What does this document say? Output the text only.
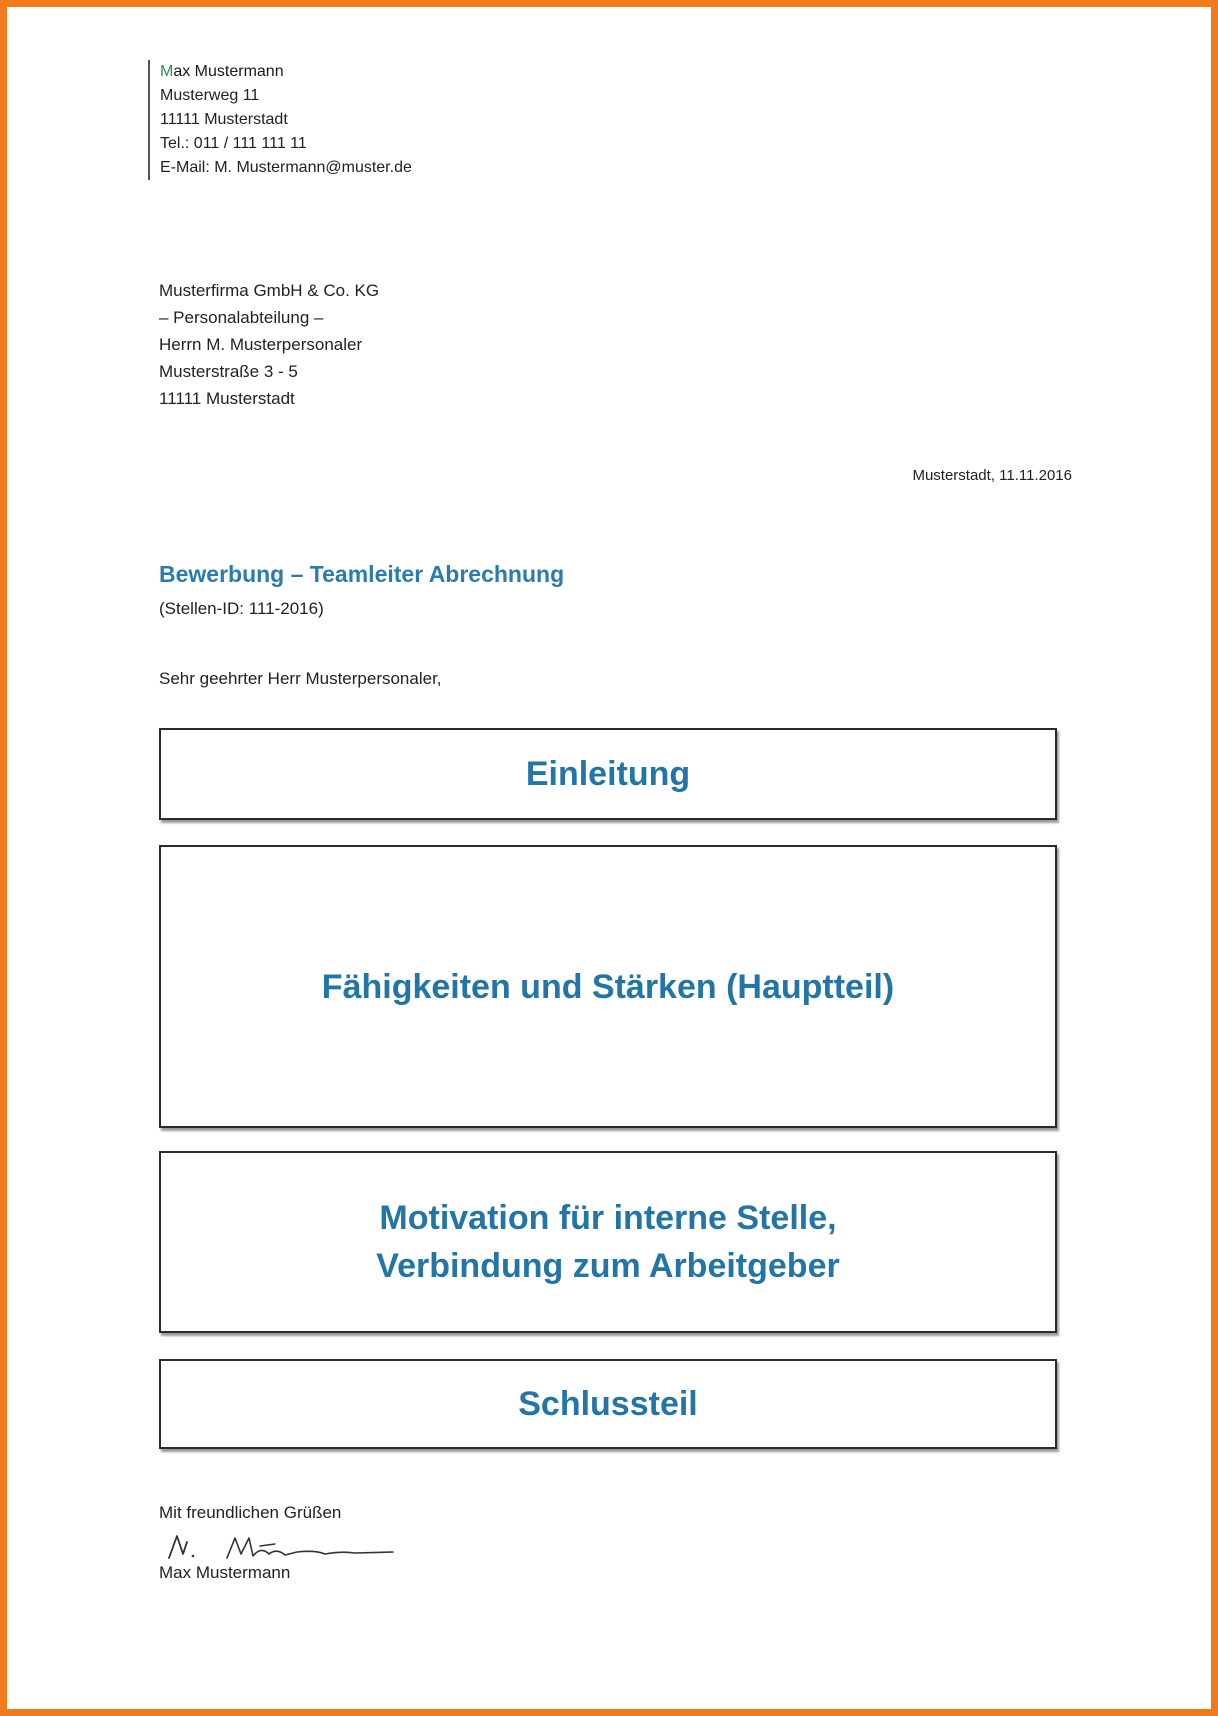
Max Mustermann
Musterweg 11
11111 Musterstadt
Tel.: 011 / 111 111 11
E-Mail: M. Mustermann@muster.de
Musterfirma GmbH & Co. KG
– Personalabteilung –
Herrn M. Musterpersonaler
Musterstraße 3 - 5
11111 Musterstadt
Musterstadt, 11.11.2016
Bewerbung – Teamleiter Abrechnung
(Stellen-ID: 111-2016)
Sehr geehrter Herr Musterpersonaler,
Einleitung
Fähigkeiten und Stärken (Hauptteil)
Motivation für interne Stelle, Verbindung zum Arbeitgeber
Schlussteil
Mit freundlichen Grüßen
Max Mustermann
